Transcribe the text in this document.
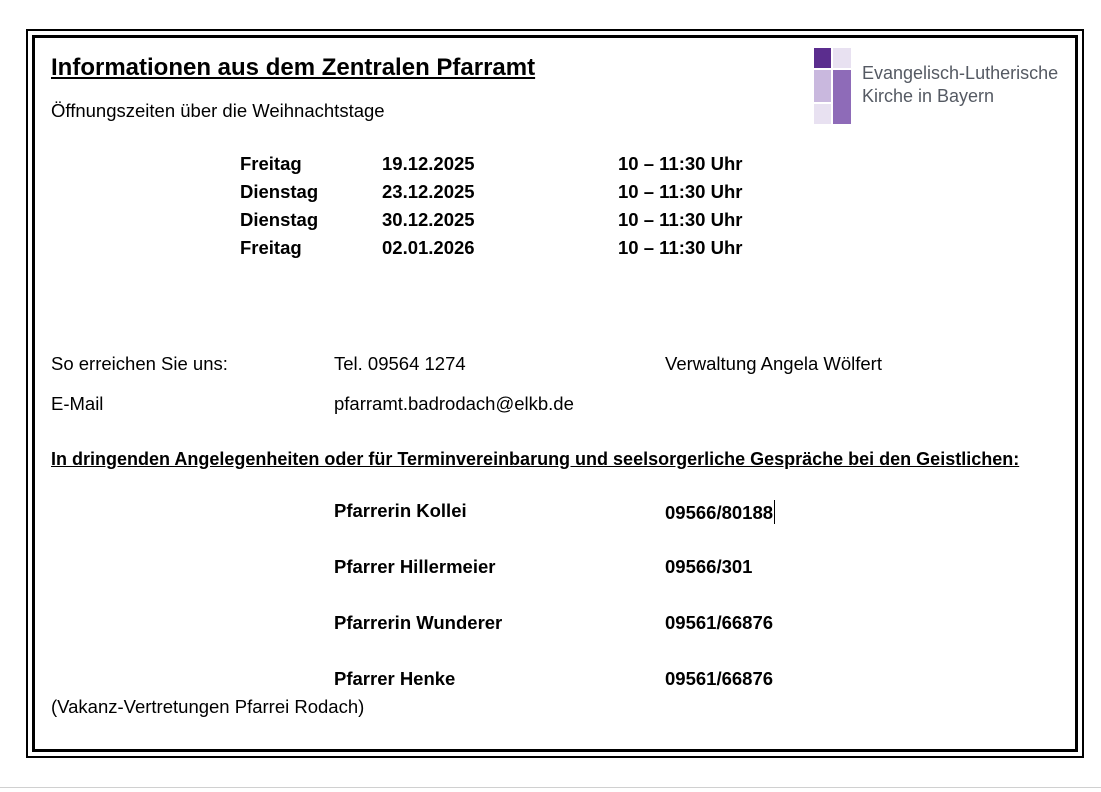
Informationen aus dem Zentralen Pfarramt
Öffnungszeiten über die Weihnachtstage
Evangelisch-Lutherische
Kirche in Bayern
Freitag	19.12.2025	10 – 11:30 Uhr
Dienstag	23.12.2025	10 – 11:30 Uhr
Dienstag	30.12.2025	10 – 11:30 Uhr
Freitag	02.01.2026	10 – 11:30 Uhr
So erreichen Sie uns:	Tel. 09564 1274	Verwaltung Angela Wölfert
E-Mail	pfarramt.badrodach@elkb.de
In dringenden Angelegenheiten oder für Terminvereinbarung und seelsorgerliche Gespräche bei den Geistlichen:
Pfarrerin Kollei	09566/80188
Pfarrer Hillermeier	09566/301
Pfarrerin Wunderer	09561/66876
Pfarrer Henke	09561/66876
(Vakanz-Vertretungen Pfarrei Rodach)
